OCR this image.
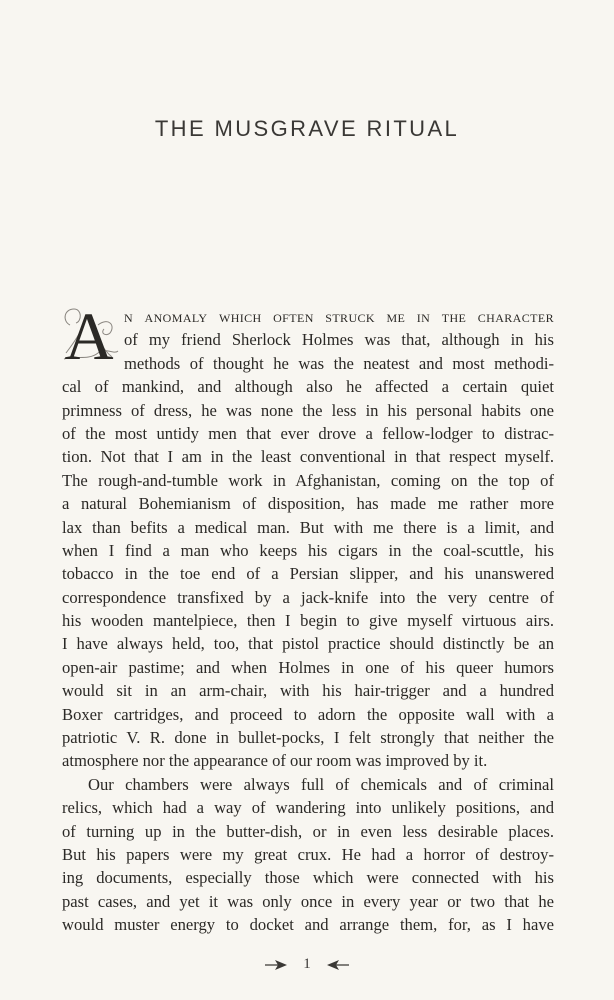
THE MUSGRAVE RITUAL
A n anomaly which often struck me in the character
of my friend Sherlock Holmes was that, although in his
methods of thought he was the neatest and most methodi-
cal of mankind, and although also he affected a certain quiet
primness of dress, he was none the less in his personal habits one
of the most untidy men that ever drove a fellow-lodger to distrac-
tion. Not that I am in the least conventional in that respect myself.
The rough-and-tumble work in Afghanistan, coming on the top of
a natural Bohemianism of disposition, has made me rather more
lax than befits a medical man. But with me there is a limit, and
when I find a man who keeps his cigars in the coal-scuttle, his
tobacco in the toe end of a Persian slipper, and his unanswered
correspondence transfixed by a jack-knife into the very centre of
his wooden mantelpiece, then I begin to give myself virtuous airs.
I have always held, too, that pistol practice should distinctly be an
open-air pastime; and when Holmes in one of his queer humors
would sit in an arm-chair, with his hair-trigger and a hundred
Boxer cartridges, and proceed to adorn the opposite wall with a
patriotic V. R. done in bullet-pocks, I felt strongly that neither the
atmosphere nor the appearance of our room was improved by it.
Our chambers were always full of chemicals and of criminal
relics, which had a way of wandering into unlikely positions, and
of turning up in the butter-dish, or in even less desirable places.
But his papers were my great crux. He had a horror of destroy-
ing documents, especially those which were connected with his
past cases, and yet it was only once in every year or two that he
would muster energy to docket and arrange them, for, as I have
1
